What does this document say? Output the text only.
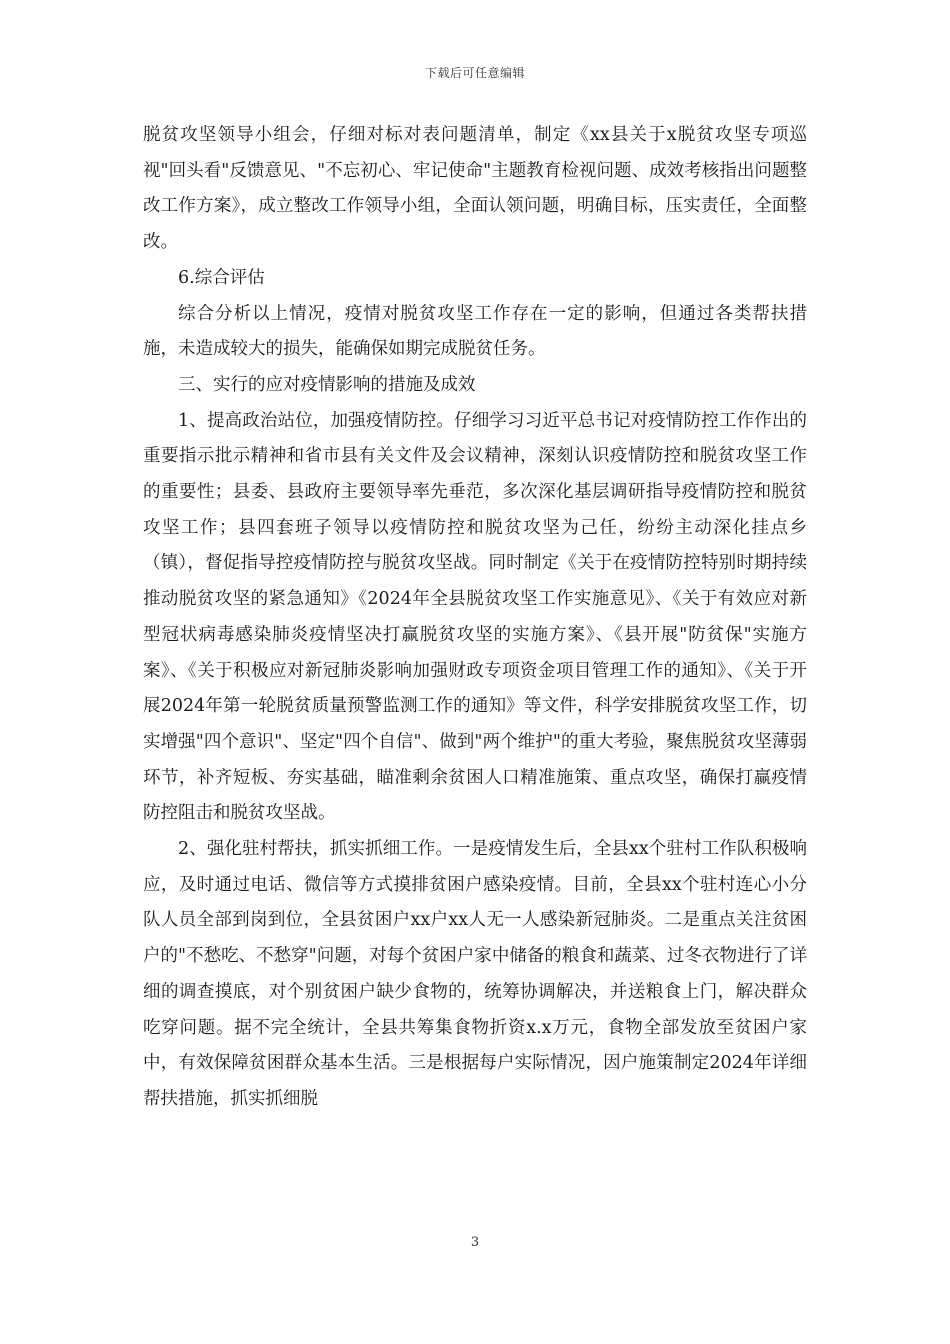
下载后可任意编辑

脱贫攻坚领导小组会，仔细对标对表问题清单，制定《xx县关于x脱贫攻坚专项巡视"回头看"反馈意见、"不忘初心、牢记使命"主题教育检视问题、成效考核指出问题整改工作方案》，成立整改工作领导小组，全面认领问题，明确目标，压实责任，全面整改。

6.综合评估

综合分析以上情况，疫情对脱贫攻坚工作存在一定的影响，但通过各类帮扶措施，未造成较大的损失，能确保如期完成脱贫任务。

三、实行的应对疫情影响的措施及成效

1、提高政治站位，加强疫情防控。仔细学习习近平总书记对疫情防控工作作出的重要指示批示精神和省市县有关文件及会议精神，深刻认识疫情防控和脱贫攻坚工作的重要性；县委、县政府主要领导率先垂范，多次深化基层调研指导疫情防控和脱贫攻坚工作；县四套班子领导以疫情防控和脱贫攻坚为己任，纷纷主动深化挂点乡（镇），督促指导控疫情防控与脱贫攻坚战。同时制定《关于在疫情防控特别时期持续推动脱贫攻坚的紧急通知》《2024年全县脱贫攻坚工作实施意见》、《关于有效应对新型冠状病毒感染肺炎疫情坚决打赢脱贫攻坚的实施方案》、《县开展"防贫保"实施方案》、《关于积极应对新冠肺炎影响加强财政专项资金项目管理工作的通知》、《关于开展2024年第一轮脱贫质量预警监测工作的通知》等文件，科学安排脱贫攻坚工作，切实增强"四个意识"、坚定"四个自信"、做到"两个维护"的重大考验，聚焦脱贫攻坚薄弱环节，补齐短板、夯实基础，瞄准剩余贫困人口精准施策、重点攻坚，确保打赢疫情防控阻击和脱贫攻坚战。

2、强化驻村帮扶，抓实抓细工作。一是疫情发生后，全县xx个驻村工作队积极响应，及时通过电话、微信等方式摸排贫困户感染疫情。目前，全县xx个驻村连心小分队人员全部到岗到位，全县贫困户xx户xx人无一人感染新冠肺炎。二是重点关注贫困户的"不愁吃、不愁穿"问题，对每个贫困户家中储备的粮食和蔬菜、过冬衣物进行了详细的调查摸底，对个别贫困户缺少食物的，统筹协调解决，并送粮食上门，解决群众吃穿问题。据不完全统计，全县共筹集食物折资x.x万元，食物全部发放至贫困户家中，有效保障贫困群众基本生活。三是根据每户实际情况，因户施策制定2024年详细帮扶措施，抓实抓细脱

3
